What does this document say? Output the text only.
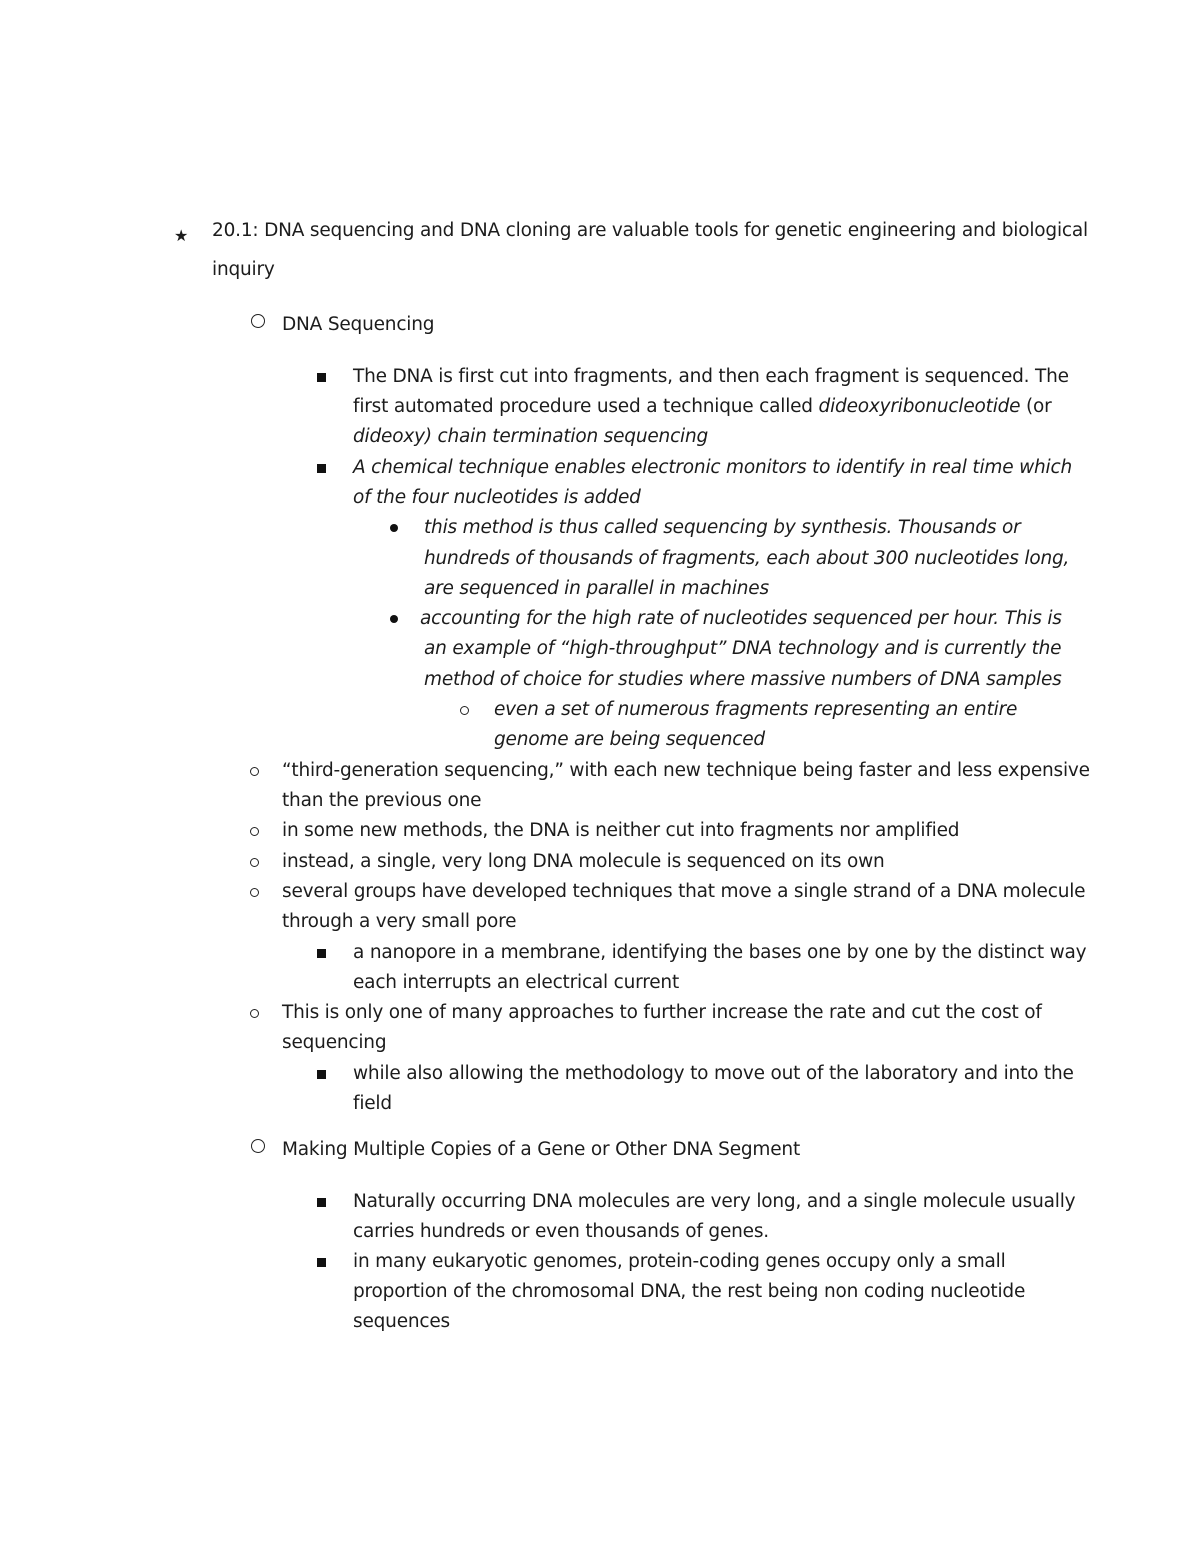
★ 20.1: DNA sequencing and DNA cloning are valuable tools for genetic engineering and biological
inquiry
DNA Sequencing
The DNA is first cut into fragments, and then each fragment is sequenced. The
first automated procedure used a technique called dideoxyribonucleotide (or
dideoxy) chain termination sequencing
A chemical technique enables electronic monitors to identify in real time which
of the four nucleotides is added
this method is thus called sequencing by synthesis. Thousands or
hundreds of thousands of fragments, each about 300 nucleotides long,
are sequenced in parallel in machines
accounting for the high rate of nucleotides sequenced per hour. This is
an example of “high-throughput” DNA technology and is currently the
method of choice for studies where massive numbers of DNA samples
even a set of numerous fragments representing an entire
genome are being sequenced
“third-generation sequencing,” with each new technique being faster and less expensive
than the previous one
in some new methods, the DNA is neither cut into fragments nor amplified
instead, a single, very long DNA molecule is sequenced on its own
several groups have developed techniques that move a single strand of a DNA molecule
through a very small pore
a nanopore in a membrane, identifying the bases one by one by the distinct way
each interrupts an electrical current
This is only one of many approaches to further increase the rate and cut the cost of
sequencing
while also allowing the methodology to move out of the laboratory and into the
field
Making Multiple Copies of a Gene or Other DNA Segment
Naturally occurring DNA molecules are very long, and a single molecule usually
carries hundreds or even thousands of genes.
in many eukaryotic genomes, protein-coding genes occupy only a small
proportion of the chromosomal DNA, the rest being non coding nucleotide
sequences
